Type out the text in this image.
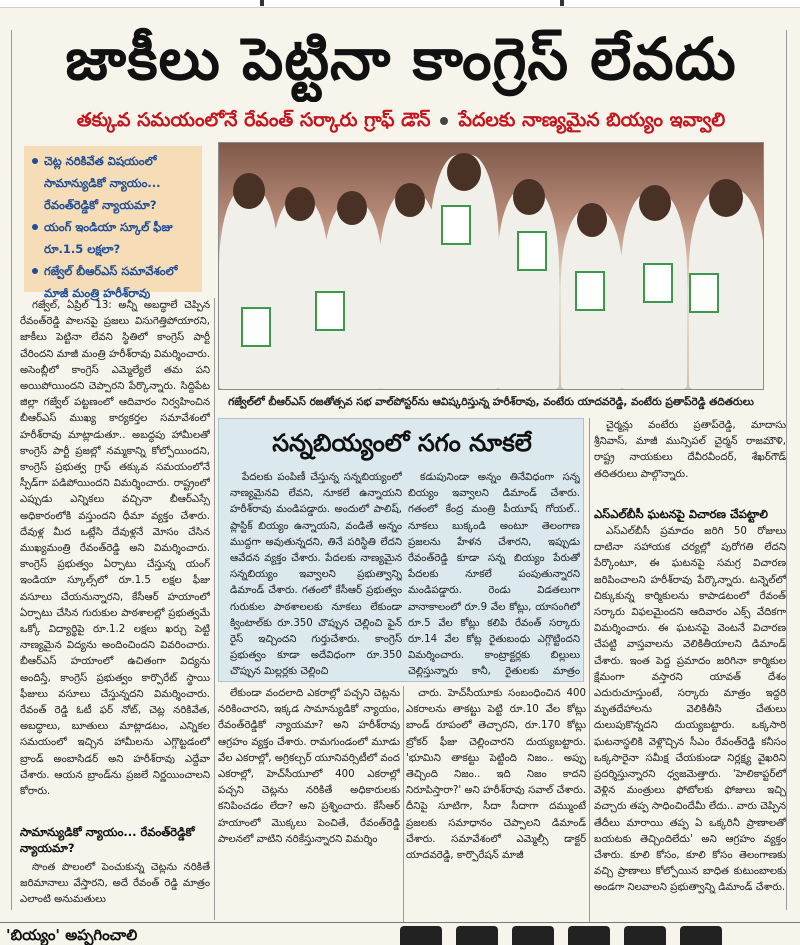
జాకీలు పెట్టినా కాంగ్రెస్ లేవదు
తక్కువ సమయంలోనే రేవంత్ సర్కారు గ్రాఫ్ డౌన్ పేదలకు నాణ్యమైన బియ్యం ఇవ్వాలి
చెట్ల నరికివేత విషయంలో సామాన్యుడికో న్యాయం... రేవంత్‌రెడ్డికో న్యాయమా?
యంగ్ ఇండియా స్కూల్ ఫీజు రూ.1.5 లక్షలా?
గజ్వేల్ బీఆర్ఎస్ సమావేశంలో మాజీ మంత్రి హరీశ్‌రావు
గజ్వేల్‌లో బీఆర్ఎస్ రజతోత్సవ సభ వాల్‌పోస్టర్‌ను ఆవిష్కరిస్తున్న హరీశ్‌రావు, వంటేరు యాదవరెడ్డి, వంటేరు ప్రతాప్‌రెడ్డి తదితరులు

గజ్వేల్, ఏప్రిల్ 13: అన్నీ అబద్ధాలే చెప్పిన రేవంత్‌రెడ్డి పాలనపై ప్రజలు విసుగెత్తిపోయారని, జాకీలు పెట్టినా లేవని స్థితిలో కాంగ్రెస్ పార్టీ చేరిందని మాజీ మంత్రి హరీశ్‌రావు విమర్శించారు. అసెంబ్లీలో కాంగ్రెస్ ఎమ్మెల్యేలే తమ పని అయిపోయిందని చెప్పారని పేర్కొన్నారు. సిద్దిపేట జిల్లా గజ్వేల్ పట్టణంలో ఆదివారం నిర్వహించిన బీఆర్ఎస్ ముఖ్య కార్యకర్తల సమావేశంలో హరీశ్‌రావు మాట్లాడుతూ.. అబద్ధపు హామీలతో కాంగ్రెస్ పార్టీ ప్రజల్లో నమ్మకాన్ని కోల్పోయిందని, కాంగ్రెస్ ప్రభుత్వ గ్రాఫ్ తక్కువ సమయంలోనే స్పీడ్‌గా పడిపోయిందని విమర్శించారు. రాష్ట్రంలో ఎప్పుడు ఎన్నికలు వచ్చినా బీఆర్ఎస్సే అధికారంలోకి వస్తుందని ధీమా వ్యక్తం చేశారు. దేవుళ్ల మీద ఒట్లేసి దేవుళ్లనే మోసం చేసిన ముఖ్యమంత్రి రేవంత్‌రెడ్డి అని విమర్శించారు. కాంగ్రెస్ ప్రభుత్వం ఏర్పాటు చేస్తున్న యంగ్ ఇండియా స్కూల్స్‌లో రూ.1.5 లక్షల ఫీజు వసూలు చేయనున్నారని, కేసీఆర్ హయాంలో ఏర్పాటు చేసిన గురుకుల పాఠశాలల్లో ప్రభుత్వమే ఒక్కో విద్యార్థిపై రూ.1.2 లక్షలు ఖర్చు పెట్టి నాణ్యమైన విద్యను అందించిందని వివరించారు. బీఆర్ఎస్ హయాంలో ఉచితంగా విద్యను అందిస్తే, కాంగ్రెస్ ప్రభుత్వం కార్పొరేట్ స్థాయి ఫీజులు వసూలు చేస్తున్నదని విమర్శించారు. రేవంత్ రెడ్డి ఓటీ ఫర్ నోట్, చెట్ల నరికివేత, అబద్ధాలు, బూతులు మాట్లాడటం, ఎన్నికల సమయంలో ఇచ్చిన హామీలను ఎగ్గొట్టడంలో బ్రాండ్ అంబాసిడర్ అని హరీశ్‌రావు ఎద్దేవా చేశారు. ఆయన బ్రాండ్‌ను ప్రజలే నిర్ణయించాలని కోరారు.

సామాన్యుడికో న్యాయం... రేవంత్‌రెడ్డికో న్యాయమా?

సొంత పొలంలో పెంచుకున్న చెట్లను నరికితే జరిమానాలు వేస్తారని, అదే రేవంత్ రెడ్డి మాత్రం ఎలాంటి అనుమతులు

సన్నబియ్యంలో సగం నూకలే

పేదలకు పంపిణీ చేస్తున్న సన్నబియ్యంలో నాణ్యమైనవి లేవని, నూకలే ఉన్నాయని హరీశ్‌రావు మండిపడ్డారు. అందులో పాలిష్, ప్లాస్టిక్ బియ్యం ఉన్నాయని, వండితే అన్నం ముద్దగా అవుతున్నదని, తినే పరిస్థితి లేదని ఆవేదన వ్యక్తం చేశారు. పేదలకు నాణ్యమైన సన్నబియ్యం ఇవ్వాలని ప్రభుత్వాన్ని డిమాండ్ చేశారు. గతంలో కేసీఆర్ ప్రభుత్వం గురుకుల పాఠశాలలకు నూకలు లేకుండా క్వింటాల్‌కు రూ.350 చొప్పున చెల్లించి ఫైన్ రైస్ ఇచ్చిందని గుర్తుచేశారు. కాంగ్రెస్ ప్రభుత్వం కూడా అదేవిధంగా రూ.350 చొప్పున మిల్లర్లకు చెల్లించి

కడుపునిండా అన్నం తినేవిధంగా సన్న బియ్యం ఇవ్వాలని డిమాండ్ చేశారు. గతంలో కేంద్ర మంత్రి పీయూష్ గోయల్.. నూకలు బుక్కండి అంటూ తెలంగాణ ప్రజలను హేళన చేశారని, ఇప్పుడు రేవంత్‌రెడ్డి కూడా సన్న బియ్యం పేరుతో పేదలకు నూకలే పంపుతున్నారని మండిపడ్డారు. రెండు విడతలుగా వానాకాలంలో రూ.9 వేల కోట్లు, యాసంగిలో రూ.5 వేల కోట్లు కలిపి రేవంత్ సర్కారు రూ.14 వేల కోట్ల రైతుబంధు ఎగ్గొట్టిందని విమర్శించారు. కాంట్రాక్టర్లకు బిల్లులు చెల్లిస్తున్నారు కానీ, రైతులకు మాత్రం

లేకుండా వందలాది ఎకరాల్లో పచ్చని చెట్లను నరికించారని, ఇక్కడ సామాన్యుడికో న్యాయం, రేవంత్‌రెడ్డికో న్యాయమా? అని హరీశ్‌రావు ఆగ్రహం వ్యక్తం చేశారు. రామగుండంలో మూడు వేల ఎకరాల్లో, అగ్రికల్చర్ యూనివర్సిటీలో వంద ఎకరాల్లో, హెచ్‌సీయూలో 400 ఎకరాల్లో పచ్చని చెట్లను నరికితే అధికారులకు కనిపించడం లేదా? అని ప్రశ్నించారు. కేసీఆర్ హయాంలో మొక్కలు పెంచితే, రేవంత్‌రెడ్డి పాలనలో వాటిని నరికేస్తున్నారని విమర్శిం

చారు. హెచ్‌సీయూకు సంబంధించిన 400 ఎకరాలను తాకట్టు పెట్టి రూ.10 వేల కోట్లు బాండ్ రూపంలో తెచ్చారని, రూ.170 కోట్లు బ్రోకర్ ఫీజు చెల్లించారని దుయ్యబట్టారు. 'భూమిని తాకట్టు పెట్టింది నిజం.. అప్పు తెచ్చింది నిజం.. ఇది నిజం కాదని నిరూపిస్తారా?' అని హరీశ్‌రావు సవాల్ చేశారు. దీనిపై సూటిగా, సీదా సీదాగా దమ్ముంటే ప్రజలకు సమాధానం చెప్పాలని డిమాండ్ చేశారు. సమావేశంలో ఎమ్మెల్సీ డాక్టర్ యాదవరెడ్డి, కార్పొరేషన్ మాజీ

చైర్మన్లు వంటేరు ప్రతాప్‌రెడ్డి, మాదాసు శ్రీనివాస్, మాజీ మున్సిపల్ చైర్మన్ రాజమౌళి, రాష్ట్ర నాయకులు దేవీరవీందర్, శేఖర్‌గౌడ్ తదితరులు పాల్గొన్నారు.

ఎస్ఎల్‌బీసీ ఘటనపై విచారణ చేపట్టాలి

ఎస్ఎల్‌బీసీ ప్రమాదం జరిగి 50 రోజులు దాటినా సహాయక చర్యల్లో పురోగతి లేదని పేర్కొంటూ, ఈ ఘటనపై సమగ్ర విచారణ జరిపించాలని హరీశ్‌రావు పేర్కొన్నారు. టన్నెల్‌లో చిక్కుకున్న కార్మికులను కాపాడటంలో రేవంత్ సర్కారు విఫలమైందని ఆదివారం ఎక్స్ వేదికగా విమర్శించారు. ఈ ఘటనపై వెంటనే విచారణ చేపట్టి వాస్తవాలను వెలికితీయాలని డిమాండ్ చేశారు. ఇంత పెద్ద ప్రమాదం జరిగినా కార్మికుల క్షేమంగా వస్తారని యావత్ దేశం ఎదురుచూస్తుంటే, సర్కారు మాత్రం ఇద్దరి మృతదేహాలను వెలికితీసి చేతులు దులుపుకొన్నదని దుయ్యబట్టారు. ఒక్కసారి ఘటనాస్థలికి వెళ్లొచ్చిన సీఎం రేవంత్‌రెడ్డి కనీసం ఒక్కసారైనా సమీక్ష చేయకుండా నిర్లక్ష్య వైఖరిని ప్రదర్శిస్తున్నారని ధ్వజమెత్తారు. 'హెలికాప్టర్‌లో వెళ్లిన మంత్రులు ఫోటోలకు ఫోజులు ఇచ్చి వచ్చారు తప్ప సాధించిందేమీ లేదు.. వారు చెప్పిన తేదీలు మారాయి తప్ప ఏ ఒక్కరినీ ప్రాణాలతో బయటకు తెచ్చిందిలేదు' అని ఆగ్రహం వ్యక్తం చేశారు. కూలి కోసం, కూలి కోసం తెలంగాణకు వచ్చి ప్రాణాలు కోల్పోయిన బాధిత కుటుంబాలకు అండగా నిలవాలని ప్రభుత్వాన్ని డిమాండ్ చేశారు.

'బియ్యం' అప్పగించాలి
